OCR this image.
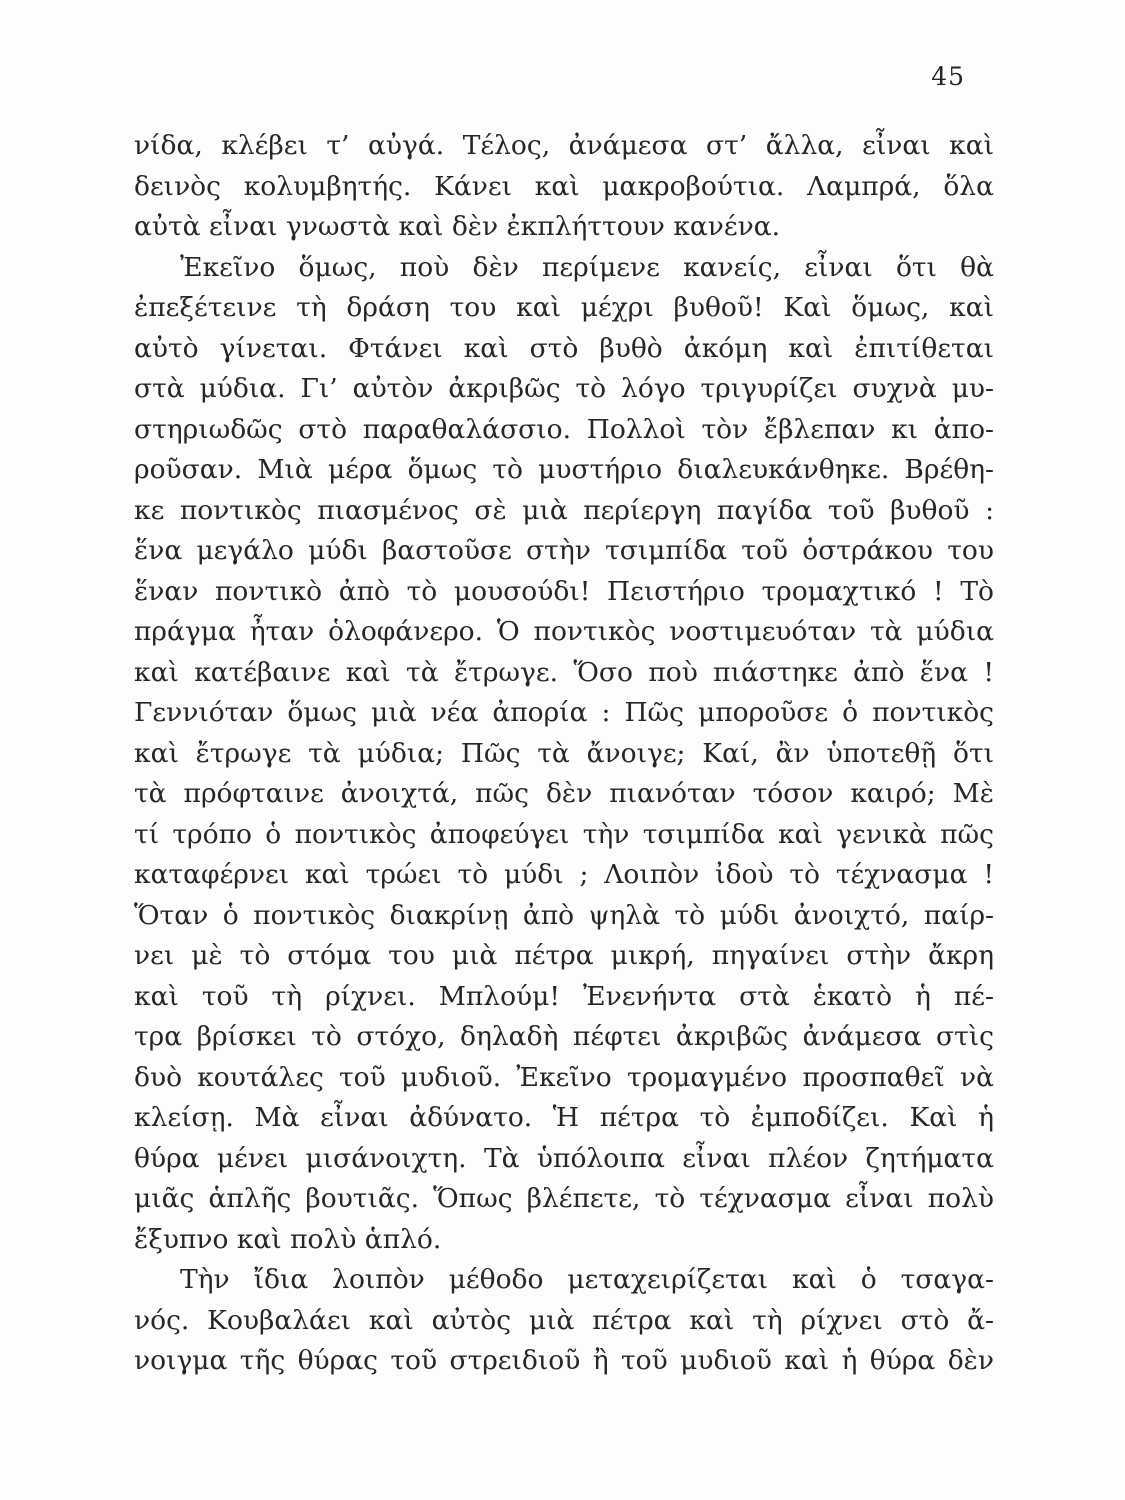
45
νίδα, κλέβει τ’ αὐγά. Τέλος, ἀνάμεσα στ’ ἄλλα, εἶναι καὶ
δεινὸς κολυμβητής. Κάνει καὶ μακροβούτια. Λαμπρά, ὅλα
αὐτὰ εἶναι γνωστὰ καὶ δὲν ἐκπλήττουν κανένα.
Ἐκεῖνο ὅμως, ποὺ δὲν περίμενε κανείς, εἶναι ὅτι θὰ
ἐπεξέτεινε τὴ δράση του καὶ μέχρι βυθοῦ! Καὶ ὅμως, καὶ
αὐτὸ γίνεται. Φτάνει καὶ στὸ βυθὸ ἀκόμη καὶ ἐπιτίθεται
στὰ μύδια. Γι’ αὐτὸν ἀκριβῶς τὸ λόγο τριγυρίζει συχνὰ μυ-
στηριωδῶς στὸ παραθαλάσσιο. Πολλοὶ τὸν ἔβλεπαν κι ἀπο-
ροῦσαν. Μιὰ μέρα ὅμως τὸ μυστήριο διαλευκάνθηκε. Βρέθη-
κε ποντικὸς πιασμένος σὲ μιὰ περίεργη παγίδα τοῦ βυθοῦ :
ἕνα μεγάλο μύδι βαστοῦσε στὴν τσιμπίδα τοῦ ὀστράκου του
ἕναν ποντικὸ ἀπὸ τὸ μουσούδι! Πειστήριο τρομαχτικό ! Τὸ
πράγμα ἦταν ὁλοφάνερο. Ὁ ποντικὸς νοστιμευόταν τὰ μύδια
καὶ κατέβαινε καὶ τὰ ἔτρωγε. Ὅσο ποὺ πιάστηκε ἀπὸ ἕνα !
Γεννιόταν ὅμως μιὰ νέα ἀπορία : Πῶς μποροῦσε ὁ ποντικὸς
καὶ ἔτρωγε τὰ μύδια; Πῶς τὰ ἄνοιγε; Καί, ἂν ὑποτεθῇ ὅτι
τὰ πρόφταινε ἀνοιχτά, πῶς δὲν πιανόταν τόσον καιρό; Μὲ
τί τρόπο ὁ ποντικὸς ἀποφεύγει τὴν τσιμπίδα καὶ γενικὰ πῶς
καταφέρνει καὶ τρώει τὸ μύδι ; Λοιπὸν ἰδοὺ τὸ τέχνασμα !
Ὅταν ὁ ποντικὸς διακρίνῃ ἀπὸ ψηλὰ τὸ μύδι ἀνοιχτό, παίρ-
νει μὲ τὸ στόμα του μιὰ πέτρα μικρή, πηγαίνει στὴν ἄκρη
καὶ τοῦ τὴ ρίχνει. Μπλούμ! Ἐνενήντα στὰ ἑκατὸ ἡ πέ-
τρα βρίσκει τὸ στόχο, δηλαδὴ πέφτει ἀκριβῶς ἀνάμεσα στὶς
δυὸ κουτάλες τοῦ μυδιοῦ. Ἐκεῖνο τρομαγμένο προσπαθεῖ νὰ
κλείσῃ. Μὰ εἶναι ἀδύνατο. Ἡ πέτρα τὸ ἐμποδίζει. Καὶ ἡ
θύρα μένει μισάνοιχτη. Τὰ ὑπόλοιπα εἶναι πλέον ζητήματα
μιᾶς ἁπλῆς βουτιᾶς. Ὅπως βλέπετε, τὸ τέχνασμα εἶναι πολὺ
ἔξυπνο καὶ πολὺ ἁπλό.
Τὴν ἴδια λοιπὸν μέθοδο μεταχειρίζεται καὶ ὁ τσαγα-
νός. Κουβαλάει καὶ αὐτὸς μιὰ πέτρα καὶ τὴ ρίχνει στὸ ἄ-
νοιγμα τῆς θύρας τοῦ στρειδιοῦ ἢ τοῦ μυδιοῦ καὶ ἡ θύρα δὲν
